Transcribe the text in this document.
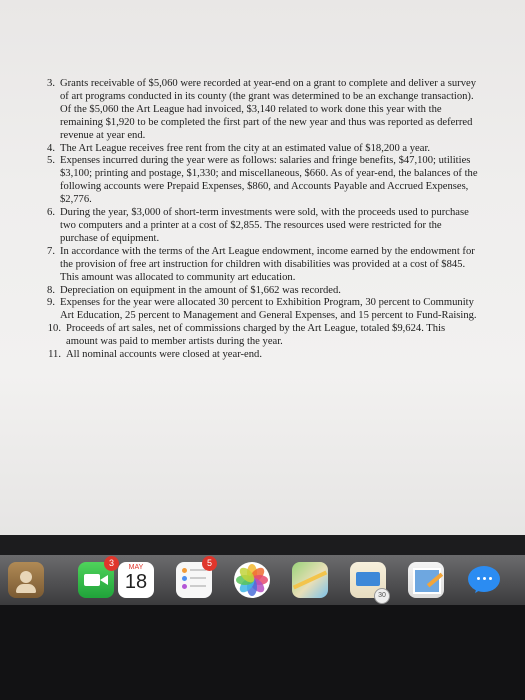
3. Grants receivable of $5,060 were recorded at year-end on a grant to complete and deliver a survey of art programs conducted in its county (the grant was determined to be an exchange transaction). Of the $5,060 the Art League had invoiced, $3,140 related to work done this year with the remaining $1,920 to be completed the first part of the new year and thus was reported as deferred revenue at year end.
4. The Art League receives free rent from the city at an estimated value of $18,200 a year.
5. Expenses incurred during the year were as follows: salaries and fringe benefits, $47,100; utilities $3,100; printing and postage, $1,330; and miscellaneous, $660. As of year-end, the balances of the following accounts were Prepaid Expenses, $860, and Accounts Payable and Accrued Expenses, $2,776.
6. During the year, $3,000 of short-term investments were sold, with the proceeds used to purchase two computers and a printer at a cost of $2,855. The resources used were restricted for the purchase of equipment.
7. In accordance with the terms of the Art League endowment, income earned by the endowment for the provision of free art instruction for children with disabilities was provided at a cost of $845. This amount was allocated to community art education.
8. Depreciation on equipment in the amount of $1,662 was recorded.
9. Expenses for the year were allocated 30 percent to Exhibition Program, 30 percent to Community Art Education, 25 percent to Management and General Expenses, and 15 percent to Fund-Raising.
10. Proceeds of art sales, net of commissions charged by the Art League, totaled $9,624. This amount was paid to member artists during the year.
11. All nominal accounts were closed at year-end.
3	MAY
18
5
30
